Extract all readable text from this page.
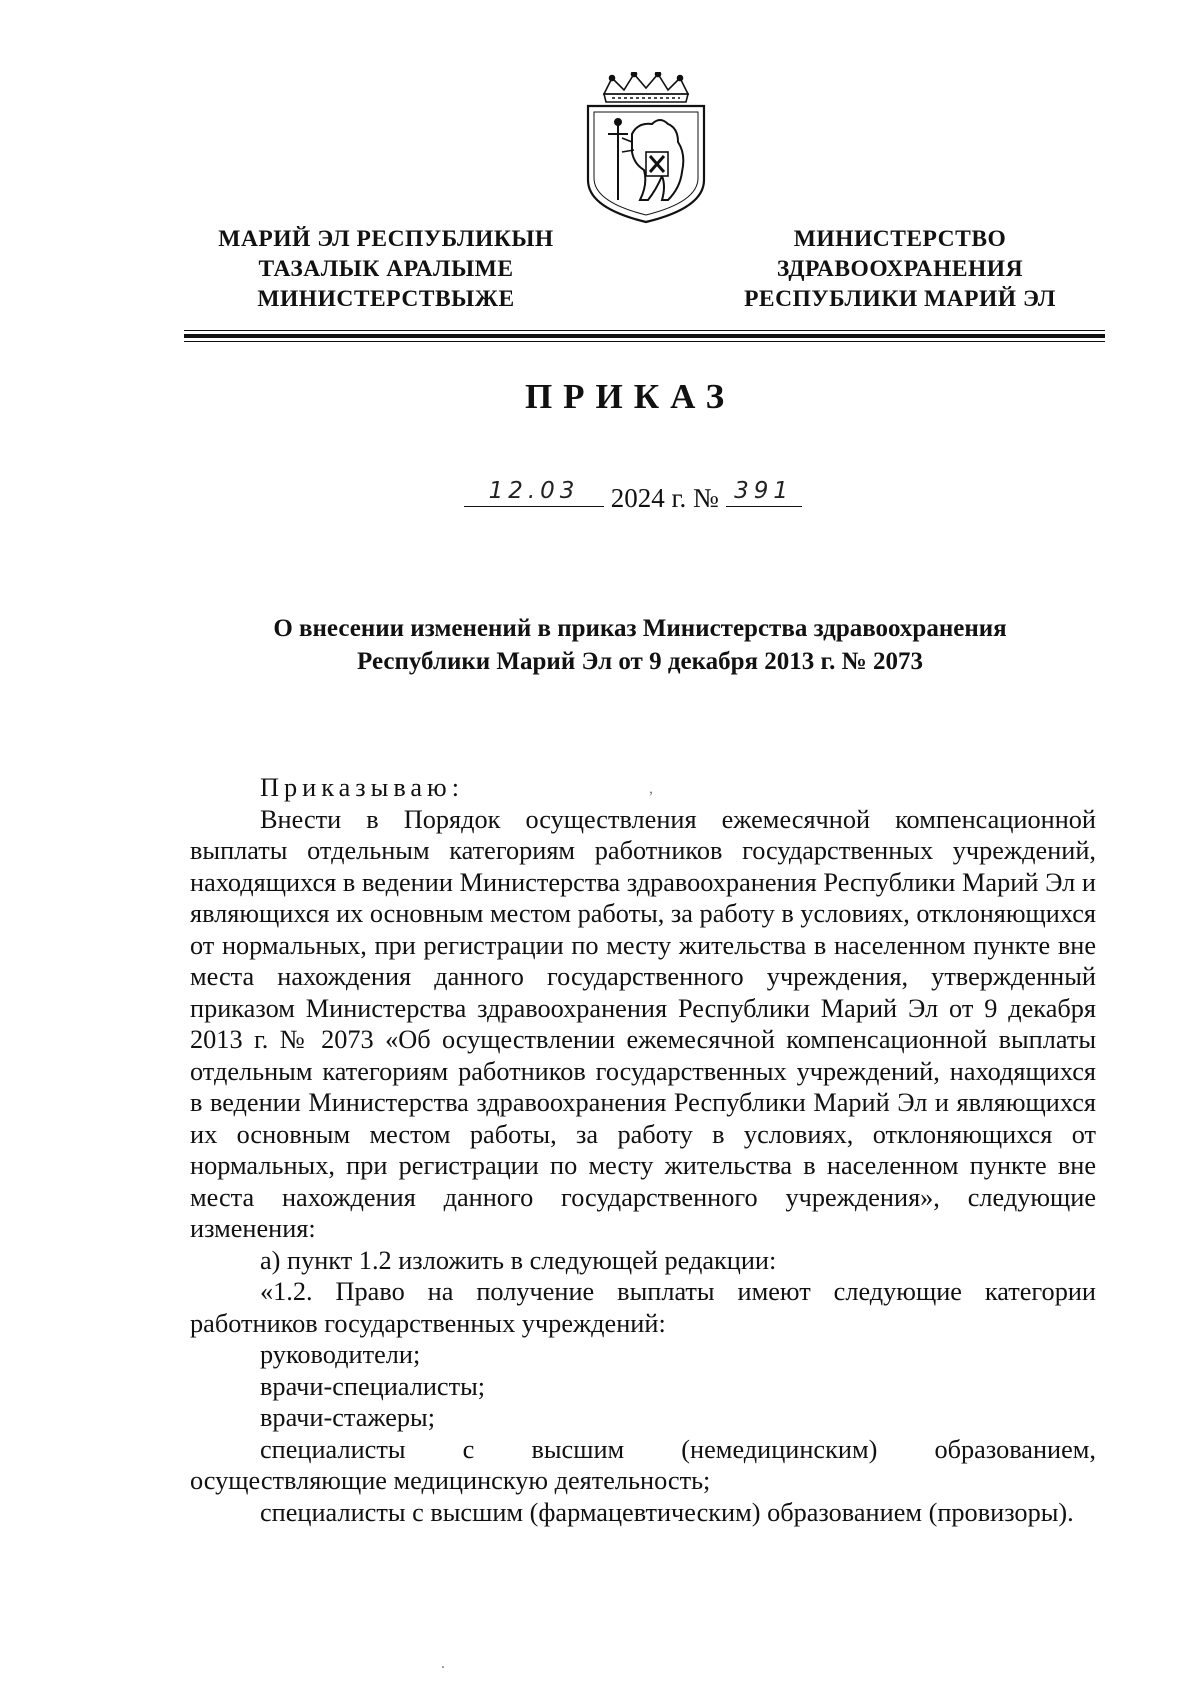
МАРИЙ ЭЛ РЕСПУБЛИКЫН
ТАЗАЛЫК АРАЛЫМЕ
МИНИСТЕРСТВЫЖЕ
МИНИСТЕРСТВО
ЗДРАВООХРАНЕНИЯ
РЕСПУБЛИКИ МАРИЙ ЭЛ
ПРИКАЗ
12.03	2024 г. № 391
О внесении изменений в приказ Министерства здравоохранения
Республики Марий Эл от 9 декабря 2013 г. № 2073

Приказываю:

Внести в Порядок осуществления ежемесячной компенсационной выплаты отдельным категориям работников государственных учреждений, находящихся в ведении Министерства здравоохранения Республики Марий Эл и являющихся их основным местом работы, за работу в условиях, отклоняющихся от нормальных, при регистрации по месту жительства в населенном пункте вне места нахождения данного государственного учреждения, утвержденный приказом Министерства здравоохранения Республики Марий Эл от 9 декабря 2013 г. № 2073 «Об осуществлении ежемесячной компенсационной выплаты отдельным категориям работников государственных учреждений, находящихся в ведении Министерства здравоохранения Республики Марий Эл и являющихся их основным местом работы, за работу в условиях, отклоняющихся от нормальных, при регистрации по месту жительства в населенном пункте вне места нахождения данного государственного учреждения», следующие изменения:

а) пункт 1.2 изложить в следующей редакции:

«1.2. Право на получение выплаты имеют следующие категории работников государственных учреждений:

руководители;

врачи-специалисты;

врачи-стажеры;

специалисты с высшим (немедицинским) образованием, осуществляющие медицинскую деятельность;

специалисты с высшим (фармацевтическим) образованием (провизоры).

,
.
